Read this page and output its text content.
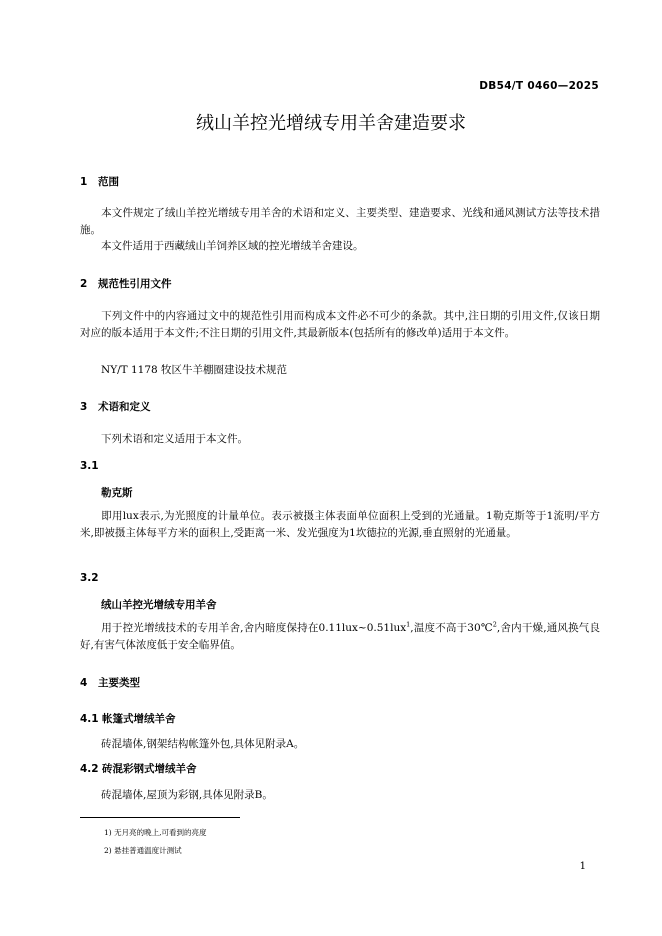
DB54/T 0460—2025
绒山羊控光增绒专用羊舍建造要求
1 范围
本文件规定了绒山羊控光增绒专用羊舍的术语和定义、主要类型、建造要求、光线和通风测试方法等技术措施。
本文件适用于西藏绒山羊饲养区域的控光增绒羊舍建设。
2 规范性引用文件
下列文件中的内容通过文中的规范性引用而构成本文件必不可少的条款。其中,注日期的引用文件,仅该日期对应的版本适用于本文件;不注日期的引用文件,其最新版本(包括所有的修改单)适用于本文件。
NY/T 1178 牧区牛羊棚圈建设技术规范
3 术语和定义
下列术语和定义适用于本文件。
3.1
勒克斯
即用lux表示,为光照度的计量单位。表示被摄主体表面单位面积上受到的光通量。1勒克斯等于1流明/平方米,即被摄主体每平方米的面积上,受距离一米、发光强度为1坎德拉的光源,垂直照射的光通量。
3.2
绒山羊控光增绒专用羊舍
用于控光增绒技术的专用羊舍,舍内暗度保持在0.11lux~0.51lux$^1$,温度不高于30℃$^2$,舍内干燥,通风换气良好,有害气体浓度低于安全临界值。
4 主要类型
4.1 帐篷式增绒羊舍
砖混墙体,钢架结构帐篷外包,具体见附录A。
4.2 砖混彩钢式增绒羊舍
砖混墙体,屋顶为彩钢,具体见附录B。
1) 无月亮的晚上,可看到的亮度
2) 悬挂普通温度计测试
1
